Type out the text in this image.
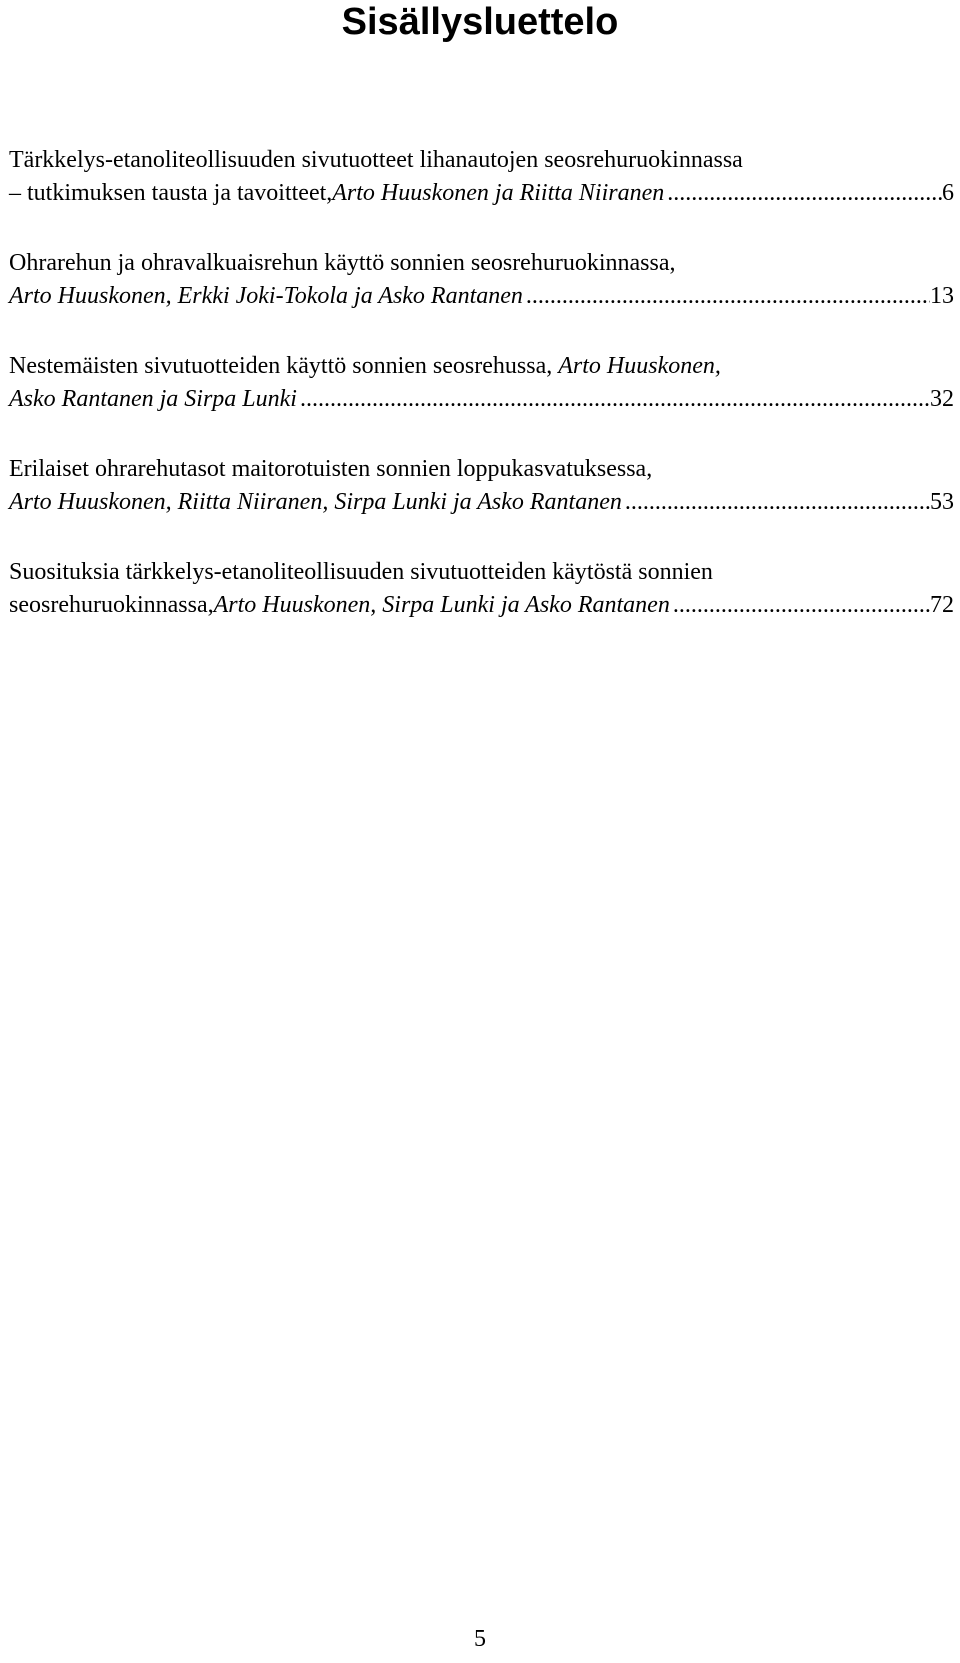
Sisällysluettelo
Tärkkelys-etanoliteollisuuden sivutuotteet lihanautojen seosrehuruokinnassa
– tutkimuksen tausta ja tavoitteet, Arto Huuskonen ja Riitta Niiranen .....	6
Ohrarehun ja ohravalkuaisrehun käyttö sonnien seosrehuruokinnassa,
Arto Huuskonen, Erkki Joki-Tokola ja Asko Rantanen .....	13
Nestemäisten sivutuotteiden käyttö sonnien seosrehussa, Arto Huuskonen,
Asko Rantanen ja Sirpa Lunki .....	32
Erilaiset ohrarehutasot maitorotuisten sonnien loppukasvatuksessa,
Arto Huuskonen, Riitta Niiranen, Sirpa Lunki ja Asko Rantanen .....	53
Suosituksia tärkkelys-etanoliteollisuuden sivutuotteiden käytöstä sonnien
seosrehuruokinnassa, Arto Huuskonen, Sirpa Lunki ja Asko Rantanen .....	72
5
